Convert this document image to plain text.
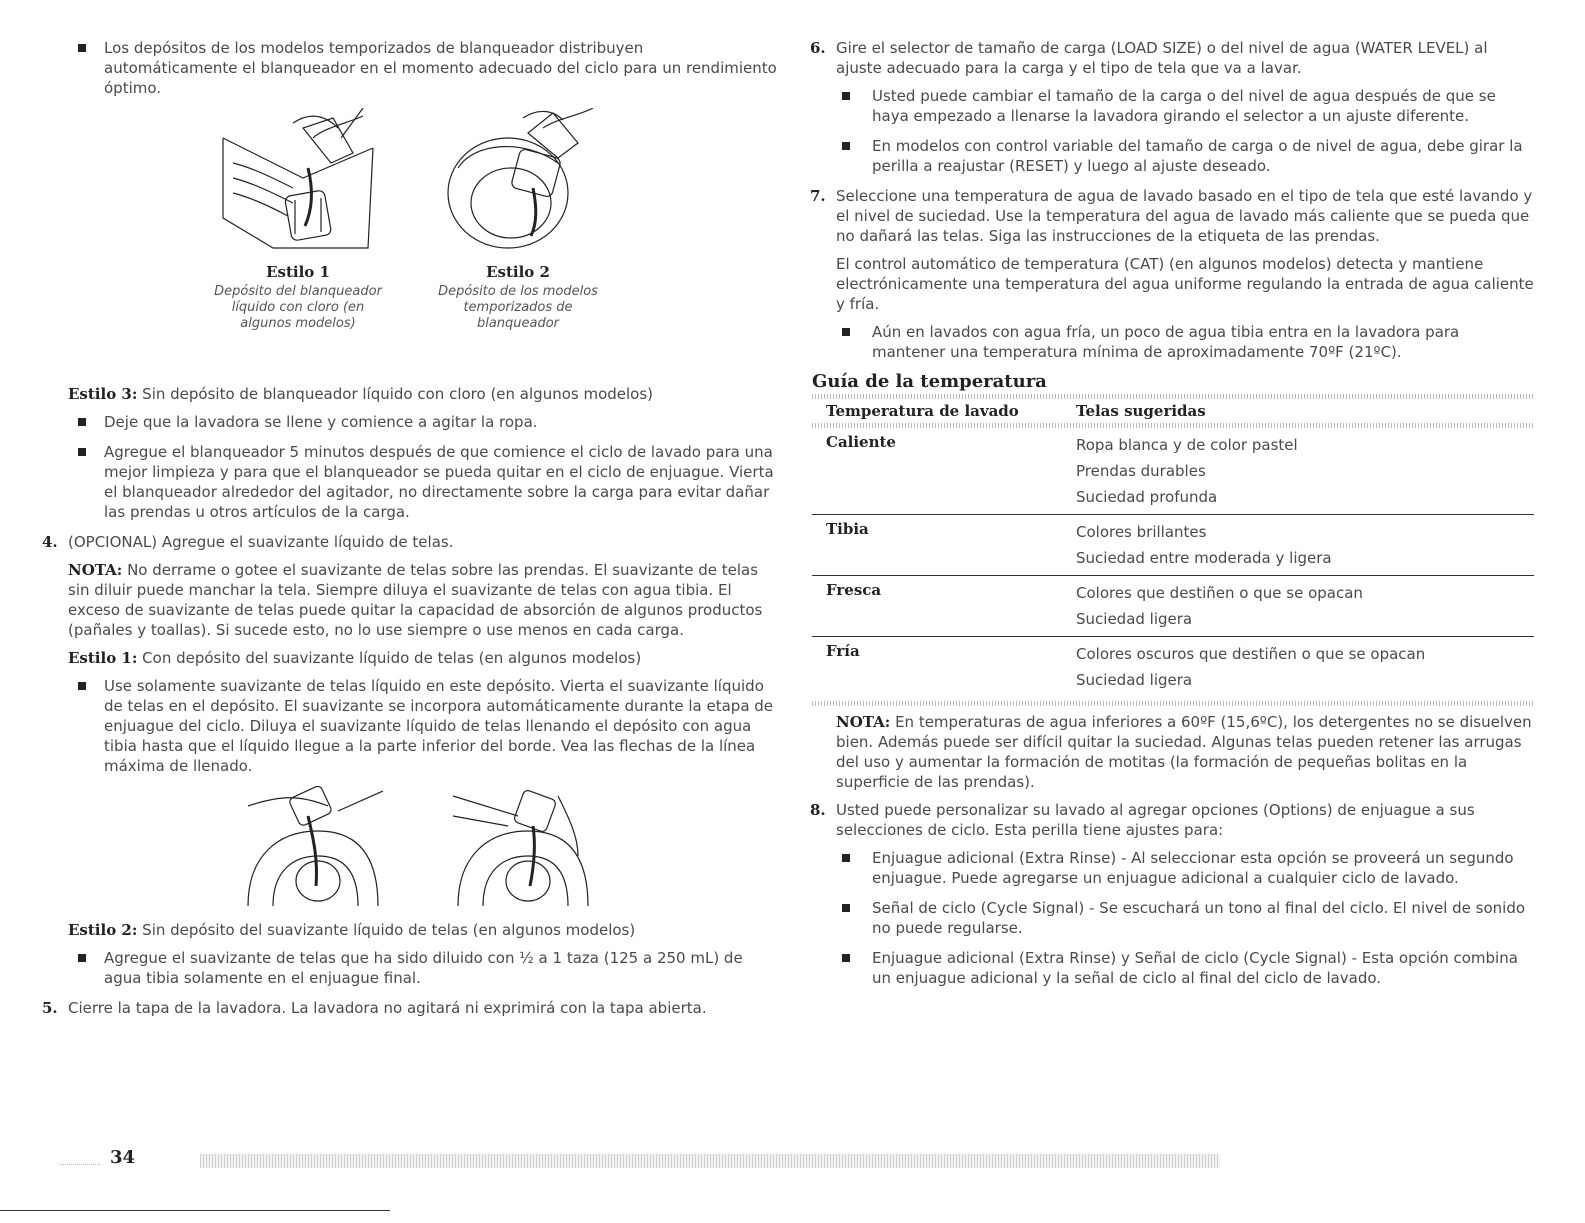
Los depósitos de los modelos temporizados de blanqueador distribuyen automáticamente el blanqueador en el momento adecuado del ciclo para un rendimiento óptimo.

Estilo 1
Depósito del blanqueador líquido con cloro (en algunos modelos)
Estilo 2
Depósito de los modelos temporizados de blanqueador

Estilo 3: Sin depósito de blanqueador líquido con cloro (en algunos modelos)

Deje que la lavadora se llene y comience a agitar la ropa.

Agregue el blanqueador 5 minutos después de que comience el ciclo de lavado para una mejor limpieza y para que el blanqueador se pueda quitar en el ciclo de enjuague. Vierta el blanqueador alrededor del agitador, no directamente sobre la carga para evitar dañar las prendas u otros artículos de la carga.

4. (OPCIONAL) Agregue el suavizante líquido de telas.

NOTA: No derrame o gotee el suavizante de telas sobre las prendas. El suavizante de telas sin diluir puede manchar la tela. Siempre diluya el suavizante de telas con agua tibia. El exceso de suavizante de telas puede quitar la capacidad de absorción de algunos productos (pañales y toallas). Si sucede esto, no lo use siempre o use menos en cada carga.

Estilo 1: Con depósito del suavizante líquido de telas (en algunos modelos)

Use solamente suavizante de telas líquido en este depósito. Vierta el suavizante líquido de telas en el depósito. El suavizante se incorpora automáticamente durante la etapa de enjuague del ciclo. Diluya el suavizante líquido de telas llenando el depósito con agua tibia hasta que el líquido llegue a la parte inferior del borde. Vea las flechas de la línea máxima de llenado.

Estilo 2: Sin depósito del suavizante líquido de telas (en algunos modelos)

Agregue el suavizante de telas que ha sido diluido con ½ a 1 taza (125 a 250 mL) de agua tibia solamente en el enjuague final.

5. Cierre la tapa de la lavadora. La lavadora no agitará ni exprimirá con la tapa abierta.
6. Gire el selector de tamaño de carga (LOAD SIZE) o del nivel de agua (WATER LEVEL) al ajuste adecuado para la carga y el tipo de tela que va a lavar.

Usted puede cambiar el tamaño de la carga o del nivel de agua después de que se haya empezado a llenarse la lavadora girando el selector a un ajuste diferente.

En modelos con control variable del tamaño de carga o de nivel de agua, debe girar la perilla a reajustar (RESET) y luego al ajuste deseado.

7. Seleccione una temperatura de agua de lavado basado en el tipo de tela que esté lavando y el nivel de suciedad. Use la temperatura del agua de lavado más caliente que se pueda que no dañará las telas. Siga las instrucciones de la etiqueta de las prendas.

El control automático de temperatura (CAT) (en algunos modelos) detecta y mantiene electrónicamente una temperatura del agua uniforme regulando la entrada de agua caliente y fría.

Aún en lavados con agua fría, un poco de agua tibia entra en la lavadora para mantener una temperatura mínima de aproximadamente 70ºF (21ºC).

Guía de la temperatura
Temperatura de lavado	Telas sugeridas

Caliente	Ropa blanca y de color pastel
Prendas durables
Suciedad profunda

Tibia	Colores brillantes
Suciedad entre moderada y ligera

Fresca	Colores que destiñen o que se opacan
Suciedad ligera

Fría	Colores oscuros que destiñen o que se opacan
Suciedad ligera

NOTA: En temperaturas de agua inferiores a 60ºF (15,6ºC), los detergentes no se disuelven bien. Además puede ser difícil quitar la suciedad. Algunas telas pueden retener las arrugas del uso y aumentar la formación de motitas (la formación de pequeñas bolitas en la superficie de las prendas).

8. Usted puede personalizar su lavado al agregar opciones (Options) de enjuague a sus selecciones de ciclo. Esta perilla tiene ajustes para:

Enjuague adicional (Extra Rinse) - Al seleccionar esta opción se proveerá un segundo enjuague. Puede agregarse un enjuague adicional a cualquier ciclo de lavado.

Señal de ciclo (Cycle Signal) - Se escuchará un tono al final del ciclo. El nivel de sonido no puede regularse.

Enjuague adicional (Extra Rinse) y Señal de ciclo (Cycle Signal) - Esta opción combina un enjuague adicional y la señal de ciclo al final del ciclo de lavado.

34
